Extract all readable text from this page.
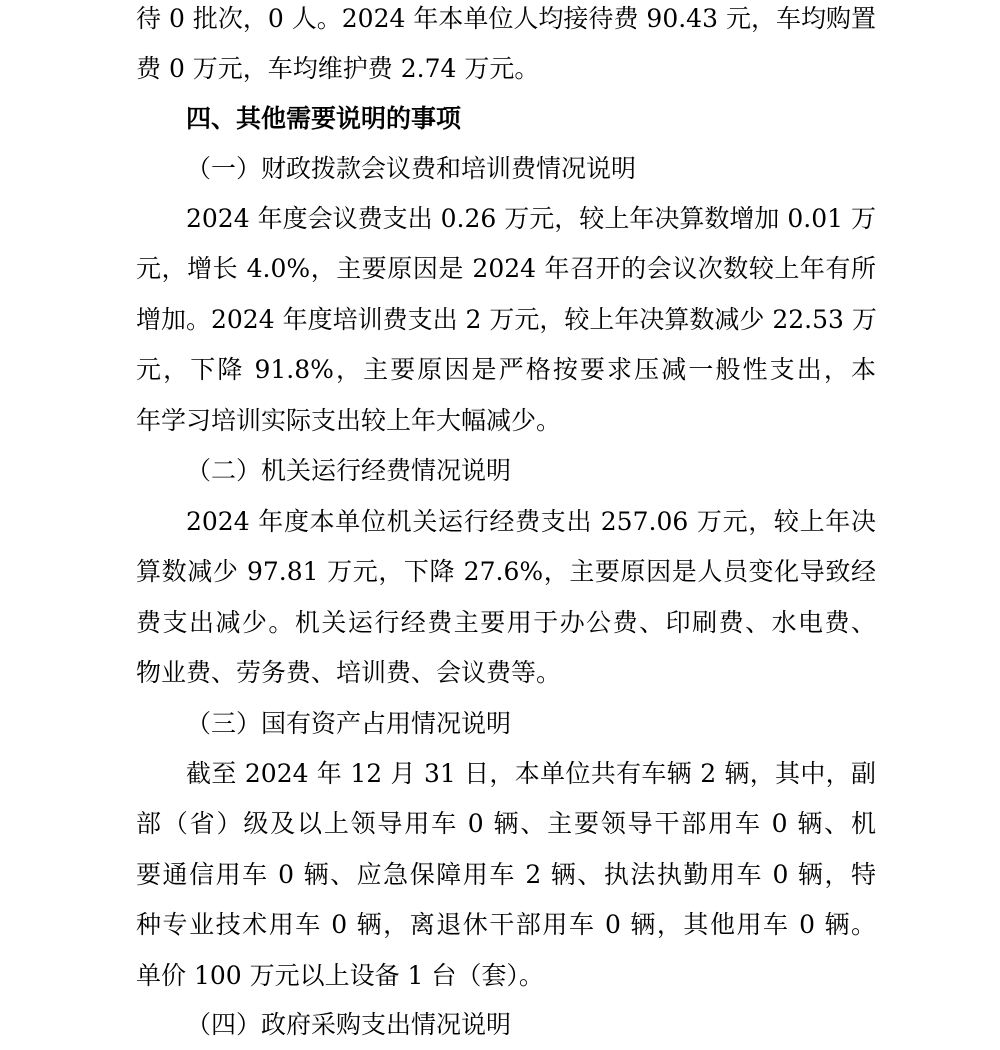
待 0 批次，0 人。2024 年本单位人均接待费 90.43 元，车均购置
费 0 万元，车均维护费 2.74 万元。
四、其他需要说明的事项
（一）财政拨款会议费和培训费情况说明
2024 年度会议费支出 0.26 万元，较上年决算数增加 0.01 万
元，增长 4.0%，主要原因是 2024 年召开的会议次数较上年有所
增加。2024 年度培训费支出 2 万元，较上年决算数减少 22.53 万
元，下降 91.8%，主要原因是严格按要求压减一般性支出，本
年学习培训实际支出较上年大幅减少。
（二）机关运行经费情况说明
2024 年度本单位机关运行经费支出 257.06 万元，较上年决
算数减少 97.81 万元，下降 27.6%，主要原因是人员变化导致经
费支出减少。机关运行经费主要用于办公费、印刷费、水电费、
物业费、劳务费、培训费、会议费等。
（三）国有资产占用情况说明
截至 2024 年 12 月 31 日，本单位共有车辆 2 辆，其中，副
部（省）级及以上领导用车 0 辆、主要领导干部用车 0 辆、机
要通信用车 0 辆、应急保障用车 2 辆、执法执勤用车 0 辆，特
种专业技术用车 0 辆，离退休干部用车 0 辆，其他用车 0 辆。
单价 100 万元以上设备 1 台（套）。
（四）政府采购支出情况说明
